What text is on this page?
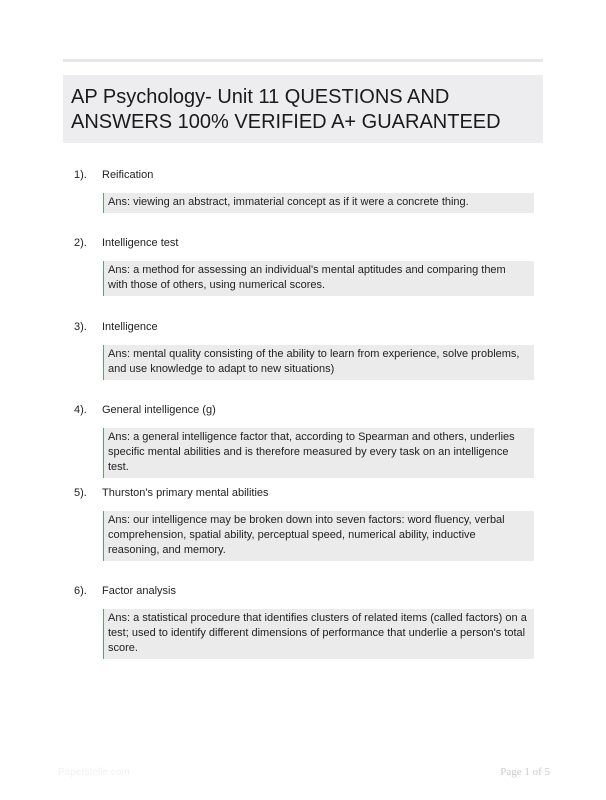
AP Psychology- Unit 11 QUESTIONS AND ANSWERS 100% VERIFIED A+ GUARANTEED
1). Reification
Ans: viewing an abstract, immaterial concept as if it were a concrete thing.
2). Intelligence test
Ans: a method for assessing an individual's mental aptitudes and comparing them with those of others, using numerical scores.
3). Intelligence
Ans: mental quality consisting of the ability to learn from experience, solve problems, and use knowledge to adapt to new situations)
4). General intelligence (g)
Ans: a general intelligence factor that, according to Spearman and others, underlies specific mental abilities and is therefore measured by every task on an intelligence test.
5). Thurston's primary mental abilities
Ans: our intelligence may be broken down into seven factors: word fluency, verbal comprehension, spatial ability, perceptual speed, numerical ability, inductive reasoning, and memory.
6). Factor analysis
Ans: a statistical procedure that identifies clusters of related items (called factors) on a test; used to identify different dimensions of performance that underlie a person's total score.
Paperstelle.com	Page 1 of 5
